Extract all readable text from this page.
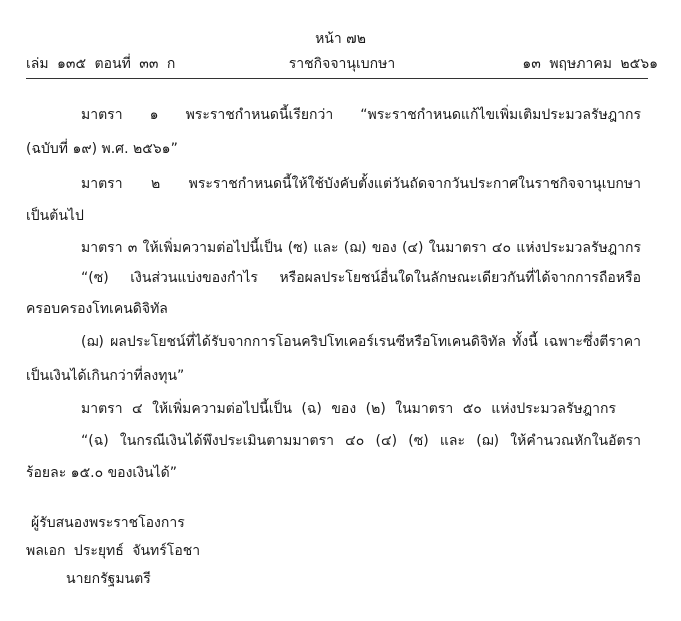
หน้า ๗๒
เล่ม ๑๓๕ ตอนที่ ๓๓ ก	ราชกิจจานุเบกษา	๑๓ พฤษภาคม ๒๕๖๑
มาตรา ๑ พระราชกำหนดนี้เรียกว่า “พระราชกำหนดแก้ไขเพิ่มเติมประมวลรัษฎากร
(ฉบับที่ ๑๙) พ.ศ. ๒๕๖๑”
มาตรา ๒ พระราชกำหนดนี้ให้ใช้บังคับตั้งแต่วันถัดจากวันประกาศในราชกิจจานุเบกษา
เป็นต้นไป
มาตรา ๓ ให้เพิ่มความต่อไปนี้เป็น (ซ) และ (ฌ) ของ (๔) ในมาตรา ๔๐ แห่งประมวลรัษฎากร
“(ซ) เงินส่วนแบ่งของกำไร หรือผลประโยชน์อื่นใดในลักษณะเดียวกันที่ได้จากการถือหรือ
ครอบครองโทเคนดิจิทัล
(ฌ) ผลประโยชน์ที่ได้รับจากการโอนคริปโทเคอร์เรนซีหรือโทเคนดิจิทัล ทั้งนี้ เฉพาะซึ่งตีราคา
เป็นเงินได้เกินกว่าที่ลงทุน”
มาตรา ๔ ให้เพิ่มความต่อไปนี้เป็น (ฉ) ของ (๒) ในมาตรา ๕๐ แห่งประมวลรัษฎากร
“(ฉ) ในกรณีเงินได้พึงประเมินตามมาตรา ๔๐ (๔) (ซ) และ (ฌ) ให้คำนวณหักในอัตรา
ร้อยละ ๑๕.๐ ของเงินได้”
ผู้รับสนองพระราชโองการ
พลเอก ประยุทธ์ จันทร์โอชา
นายกรัฐมนตรี
